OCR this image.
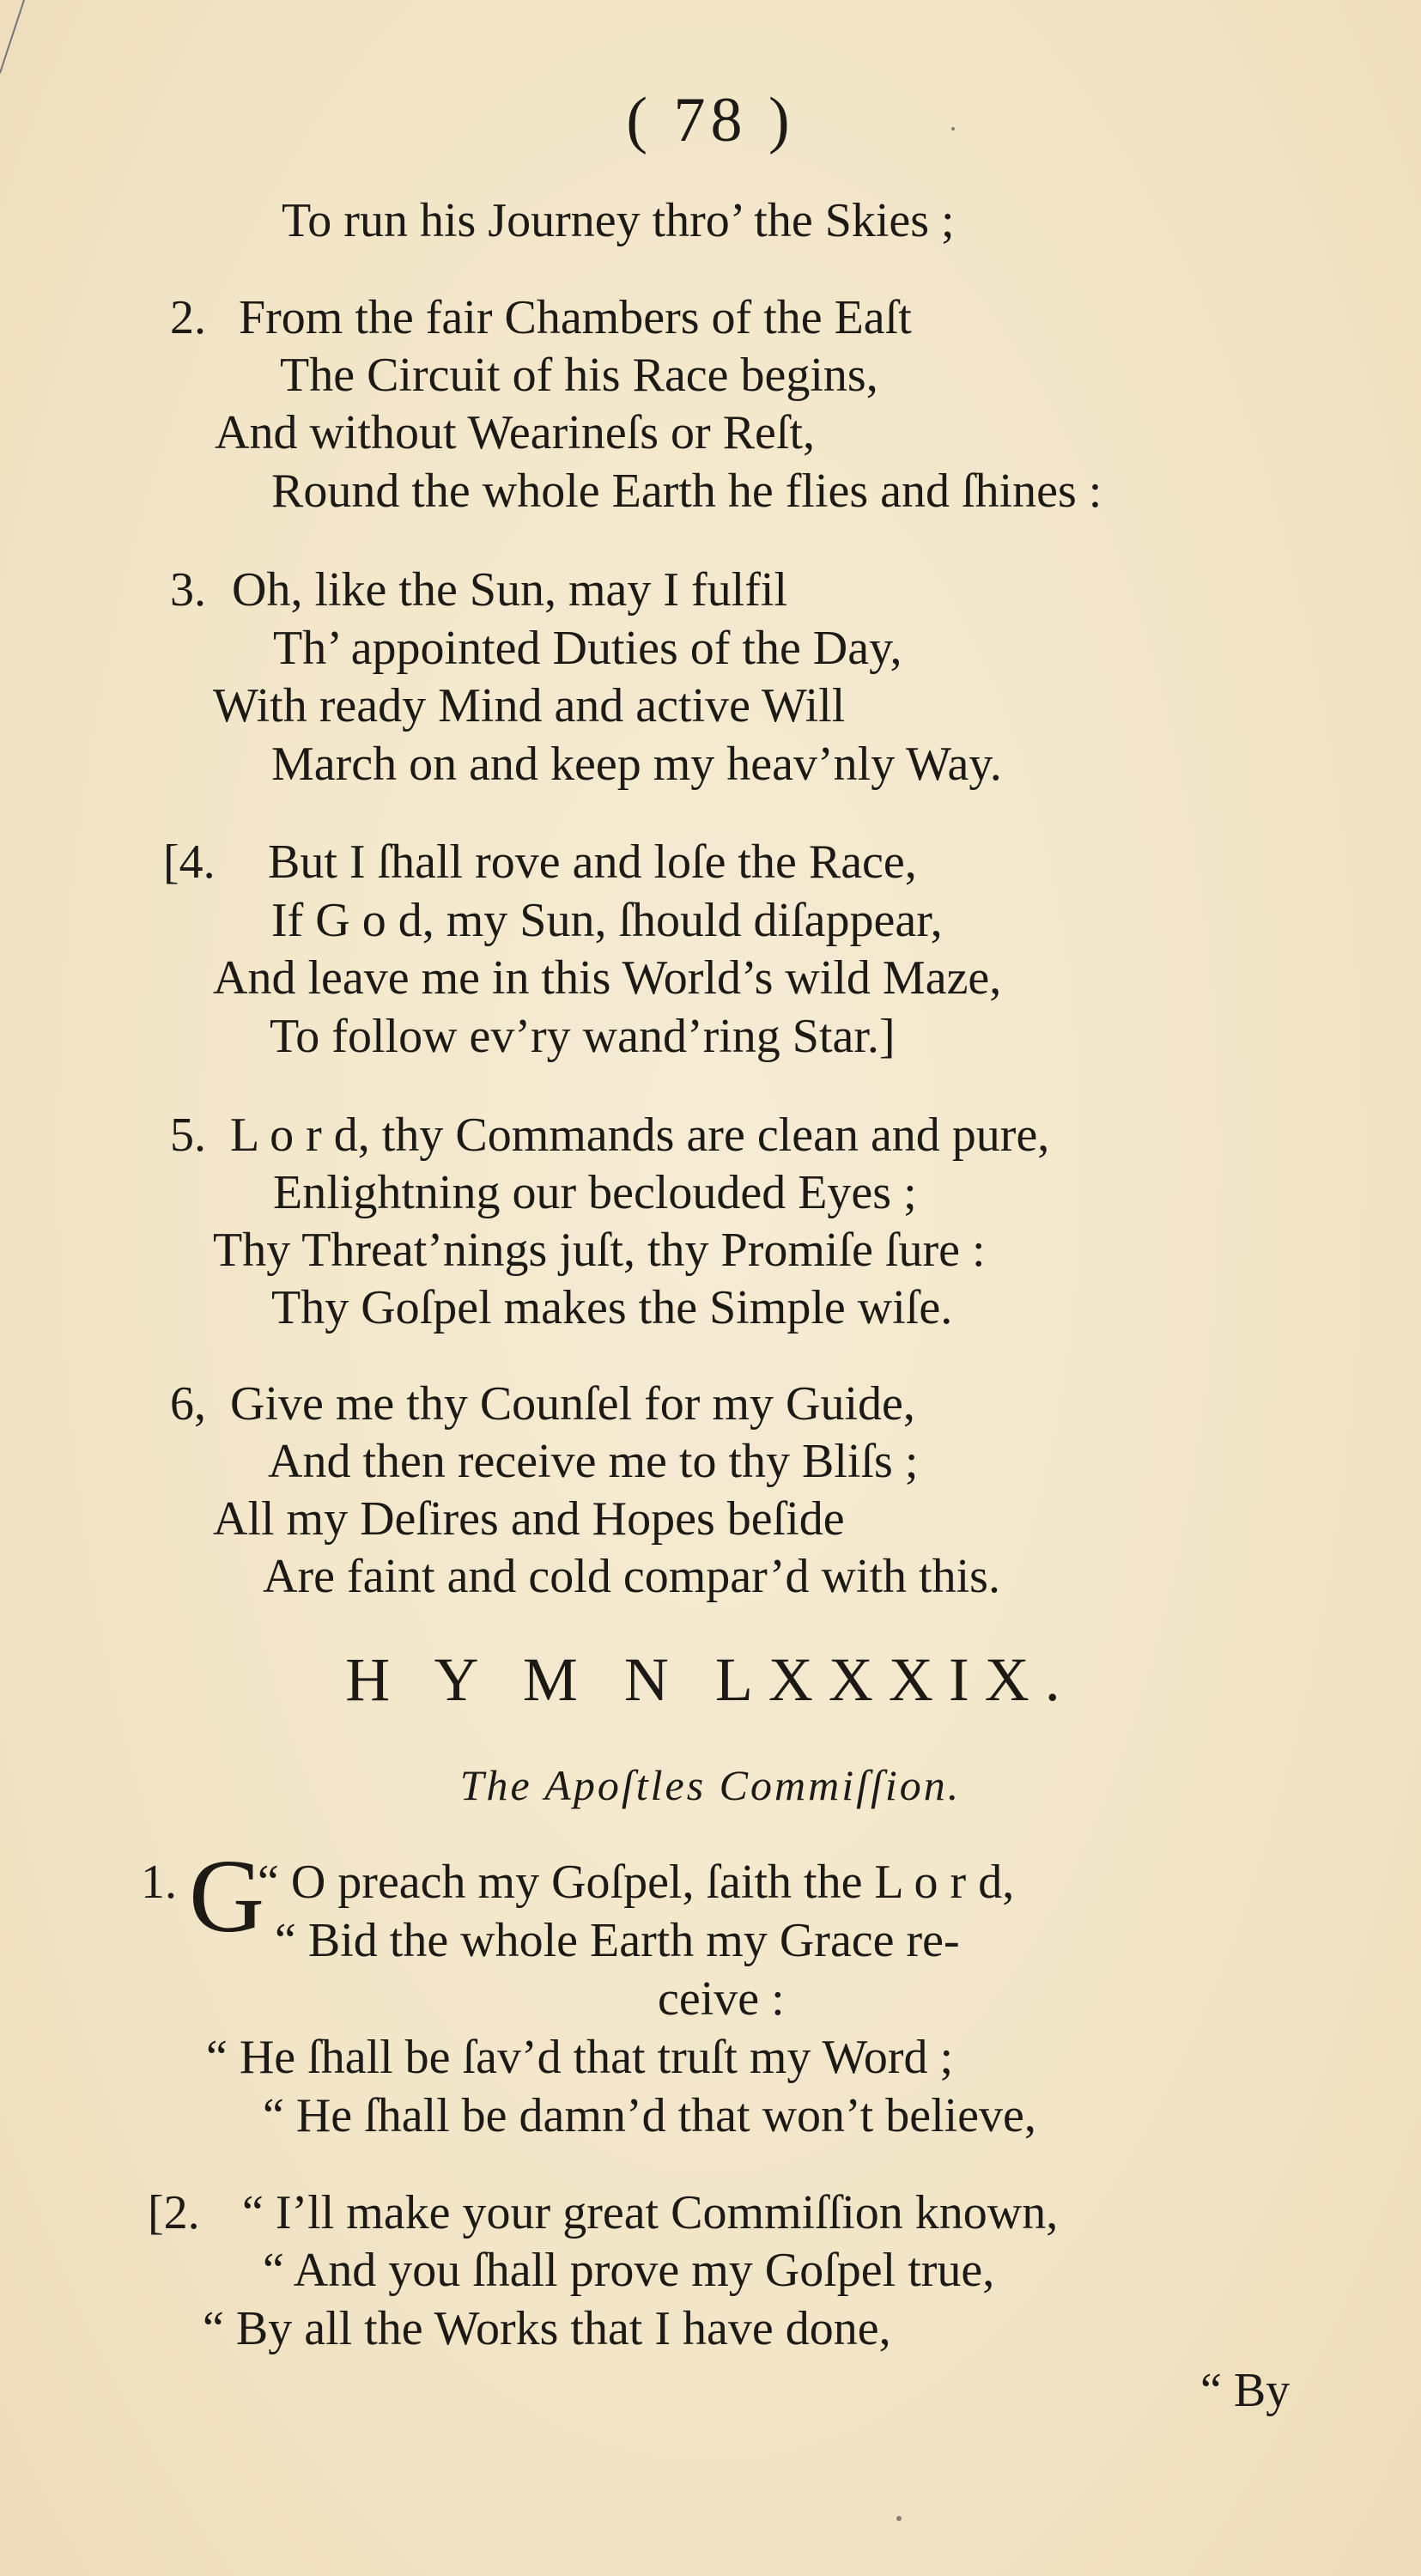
( 78 )
To run his Journey thro’ the Skies ;
2. From the fair Chambers of the Eaſt
The Circuit of his Race begins,
And without Wearineſs or Reſt,
Round the whole Earth he flies and ſhines :
3. Oh, like the Sun, may I fulfil
Th’ appointed Duties of the Day,
With ready Mind and active Will
March on and keep my heav’nly Way.
[4. But I ſhall rove and loſe the Race,
If G o d, my Sun, ſhould diſappear,
And leave me in this World’s wild Maze,
To follow ev’ry wand’ring Star.]
5. L o r d, thy Commands are clean and pure,
Enlightning our beclouded Eyes ;
Thy Threat’nings juſt, thy Promiſe ſure :
Thy Goſpel makes the Simple wiſe.
6, Give me thy Counſel for my Guide,
And then receive me to thy Bliſs ;
All my Deſires and Hopes beſide
Are faint and cold compar’d with this.
H Y M N LXXXIX.
The Apoſtles Commiſſion.
1. G
“ O preach my Goſpel, ſaith the L o r d,
“ Bid the whole Earth my Grace re-
ceive :
“ He ſhall be ſav’d that truſt my Word ;
“ He ſhall be damn’d that won’t believe,
[2. “ I’ll make your great Commiſſion known,
“ And you ſhall prove my Goſpel true,
“ By all the Works that I have done,
“ By
